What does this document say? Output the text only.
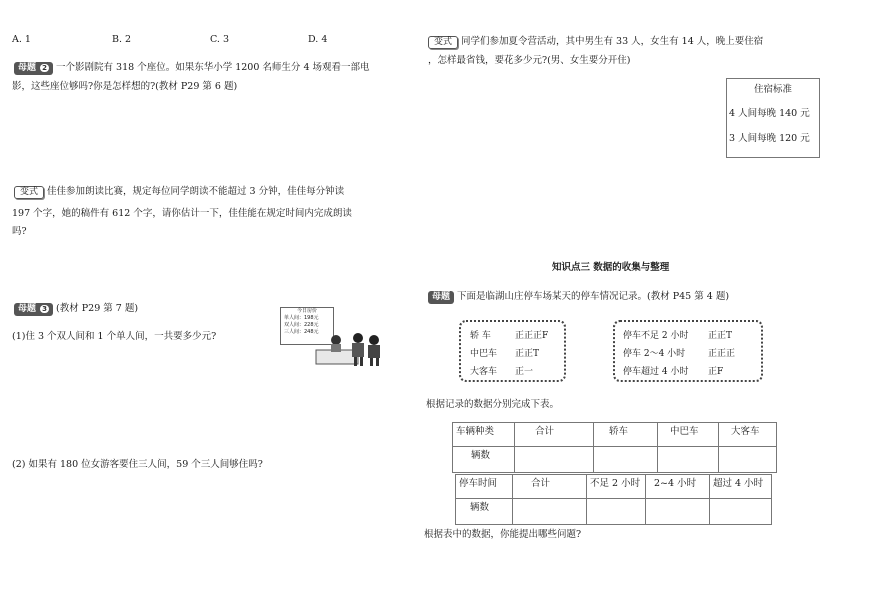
A. 1	B. 2	C. 3	D. 4
母题 2 一个影剧院有 318 个座位。如果东华小学 1200 名师生分 4 场观看一部电
影，这些座位够吗?你是怎样想的?(教材 P29 第 6 题)
变式 佳佳参加朗读比赛，规定每位同学朗读不能超过 3 分钟，佳佳每分钟读
197 个字，她的稿件有 612 个字，请你估计一下，佳佳能在规定时间内完成朗读
吗?
母题 3 (教材 P29 第 7 题)
(1)住 3 个双人间和 1 个单人间，一共要多少元?
今日房价
单人间：198元
双人间：228元
三人间：248元
(2) 如果有 180 位女游客要住三人间，59 个三人间够住吗?
变式 同学们参加夏令营活动，其中男生有 33 人，女生有 14 人，晚上要住宿
，怎样最省钱，要花多少元?(男、女生要分开住)
住宿标准
4 人间每晚 140 元
3 人间每晚 120 元
知识点三 数据的收集与整理
母题 下面是临湖山庄停车场某天的停车情况记录。(教材 P45 第 4 题)
轿 车	正正正F
中巴车 正正T
大客车 正一
停车不足 2 小时 正正T
停车 2～4 小时	正正正
停车超过 4 小时 正F
根据记录的数据分别完成下表。
车辆种类	合计	轿车	中巴车	大客车
辆数				
停车时间	合计	不足 2 小时	2~4 小时	超过 4 小时
辆数				
根据表中的数据，你能提出哪些问题?
